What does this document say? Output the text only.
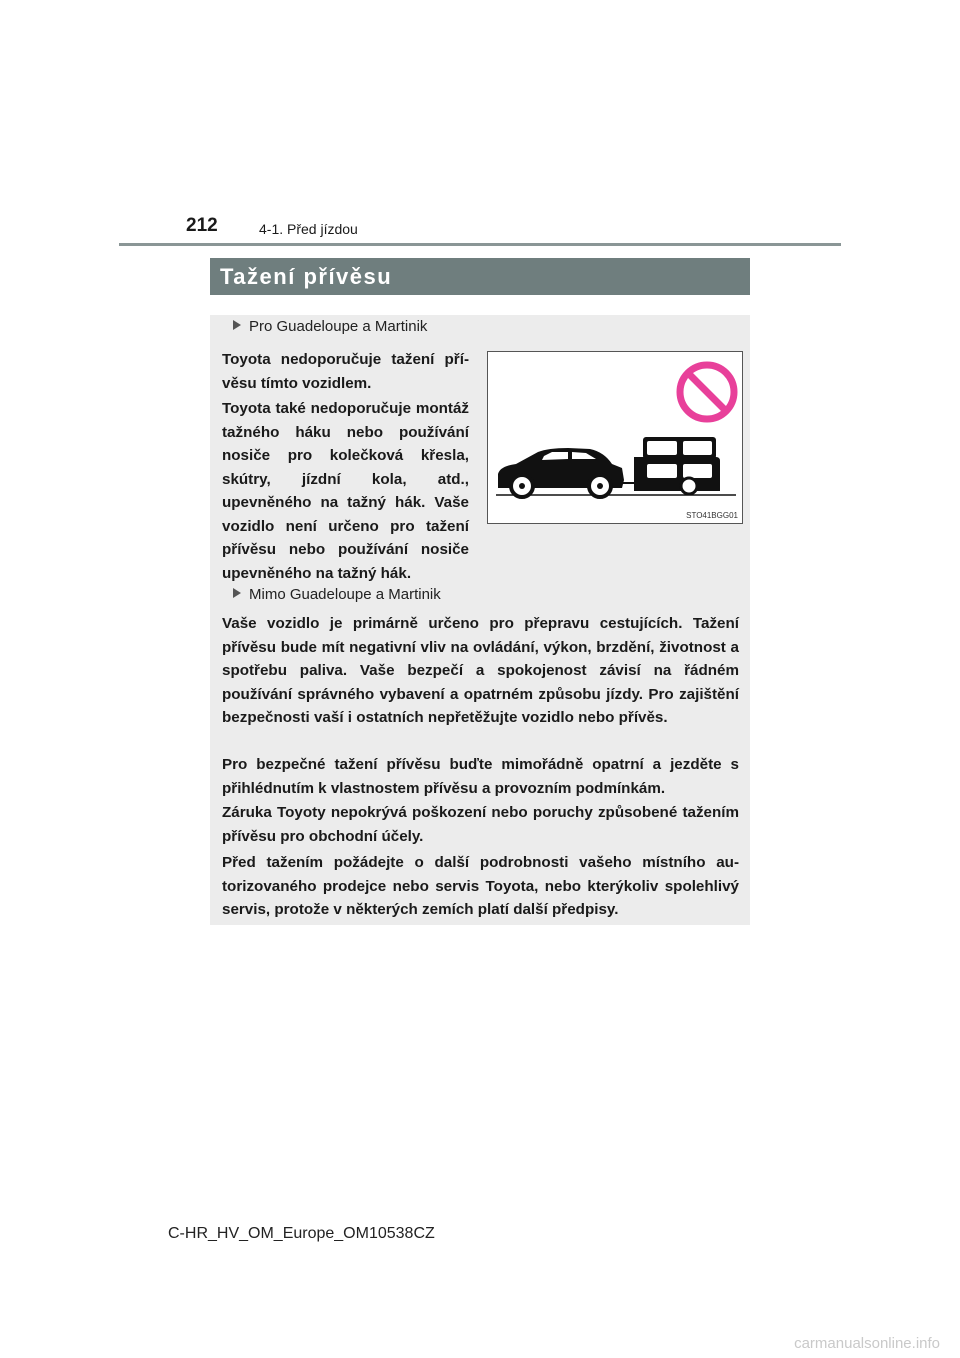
212	4-1. Před jízdou
Tažení přívěsu
Pro Guadeloupe a Martinik
Toyota nedoporučuje tažení přívěsu tímto vozidlem.
Toyota také nedoporučuje montáž tažného háku nebo používání nosiče pro kolečková křesla, skútry, jízdní kola, atd., upevněného na tažný hák. Vaše vozidlo není určeno pro tažení přívěsu nebo používání nosiče upevněného na tažný hák.
STO41BGG01
Mimo Guadeloupe a Martinik
Vaše vozidlo je primárně určeno pro přepravu cestujících. Tažení přívěsu bude mít negativní vliv na ovládání, výkon, brzdění, životnost a spotřebu paliva. Vaše bezpečí a spokojenost závisí na řádném používání správného vybavení a opatrném způsobu jízdy. Pro zajištění bezpečnosti vaší i ostatních nepřetěžujte vozidlo nebo přívěs.
Pro bezpečné tažení přívěsu buďte mimořádně opatrní a jezděte s přihlédnutím k vlastnostem přívěsu a provozním podmínkám.
Záruka Toyoty nepokrývá poškození nebo poruchy způsobené tažením přívěsu pro obchodní účely.
Před tažením požádejte o další podrobnosti vašeho místního autorizovaného prodejce nebo servis Toyota, nebo kterýkoliv spolehlivý servis, protože v některých zemích platí další předpisy.
C-HR_HV_OM_Europe_OM10538CZ
carmanualsonline.info
